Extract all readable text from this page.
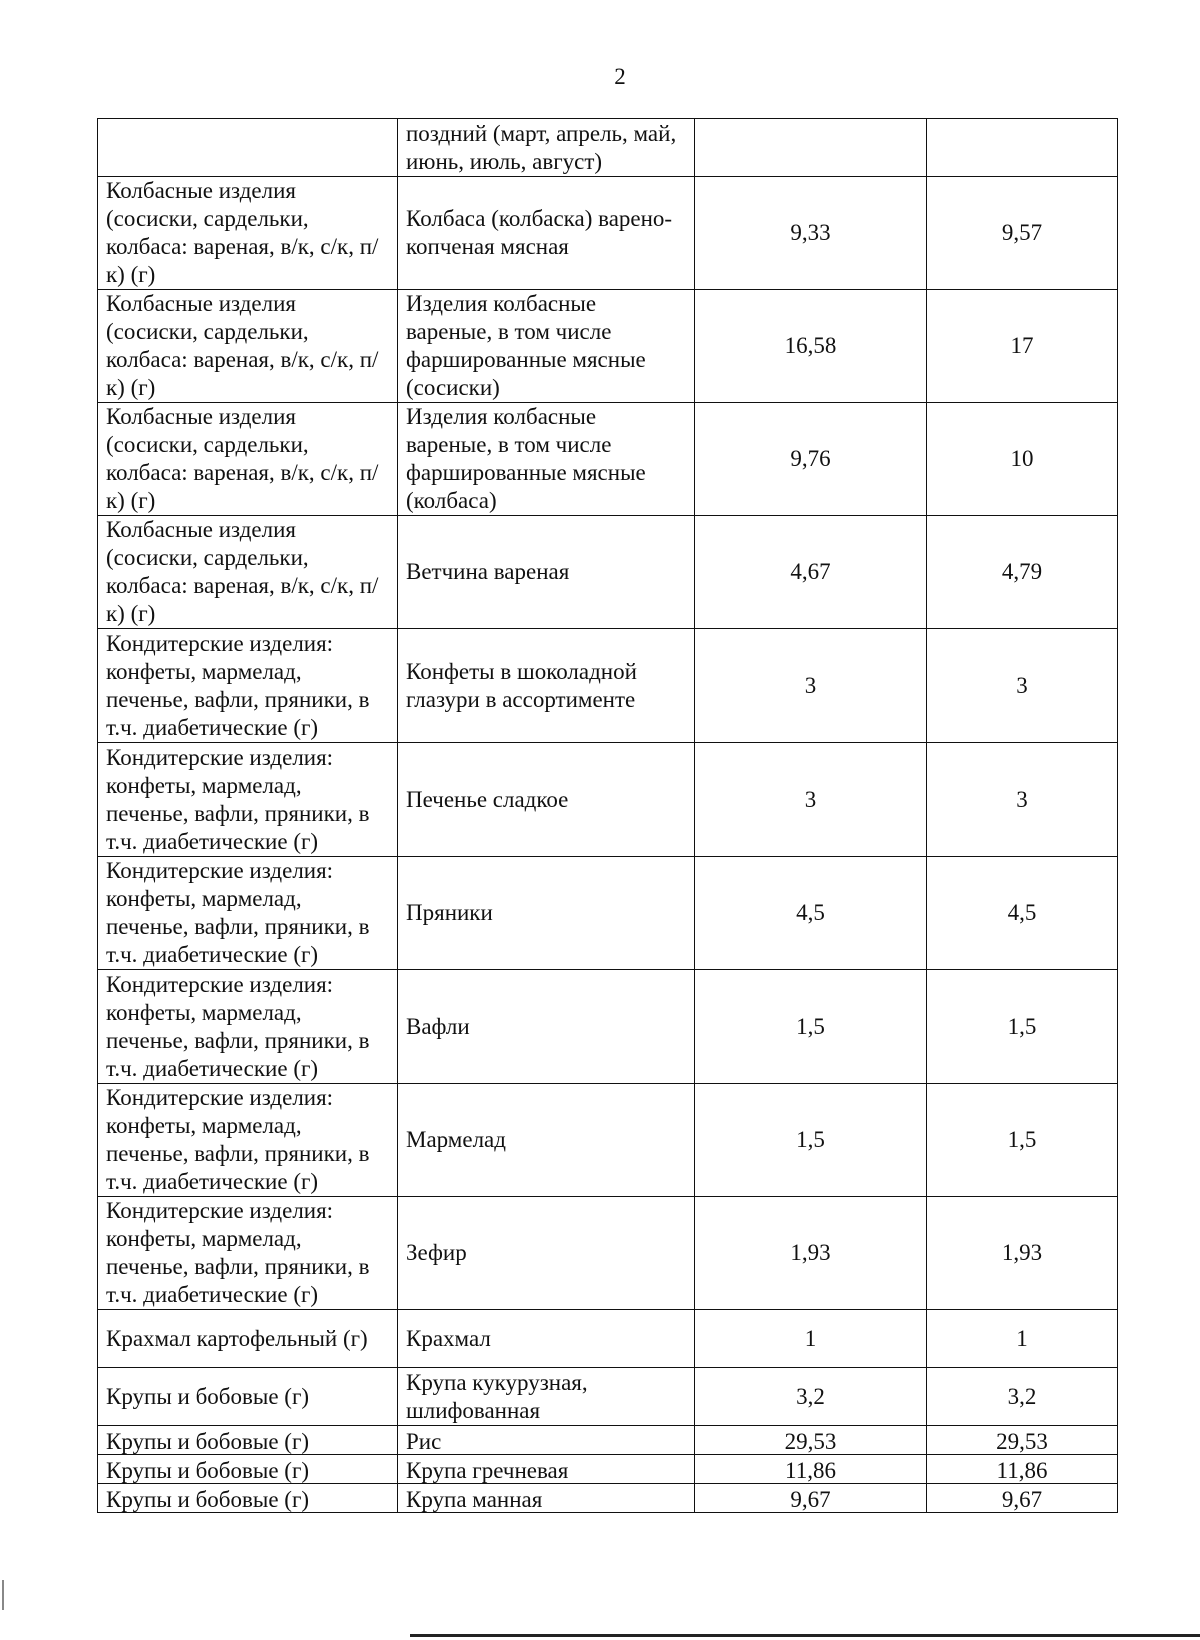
2
	поздний (март, апрель, май, июнь, июль, август)		
Колбасные изделия (сосиски, сардельки, колбаса: вареная, в/к, с/к, п/к) (г)	Колбаса (колбаска) варено-копченая мясная	9,33	9,57
Колбасные изделия (сосиски, сардельки, колбаса: вареная, в/к, с/к, п/к) (г)	Изделия колбасные вареные, в том числе фаршированные мясные (сосиски)	16,58	17
Колбасные изделия (сосиски, сардельки, колбаса: вареная, в/к, с/к, п/к) (г)	Изделия колбасные вареные, в том числе фаршированные мясные (колбаса)	9,76	10
Колбасные изделия (сосиски, сардельки, колбаса: вареная, в/к, с/к, п/к) (г)	Ветчина вареная	4,67	4,79
Кондитерские изделия: конфеты, мармелад, печенье, вафли, пряники, в т.ч. диабетические (г)	Конфеты в шоколадной глазури в ассортименте	3	3
Кондитерские изделия: конфеты, мармелад, печенье, вафли, пряники, в т.ч. диабетические (г)	Печенье сладкое	3	3
Кондитерские изделия: конфеты, мармелад, печенье, вафли, пряники, в т.ч. диабетические (г)	Пряники	4,5	4,5
Кондитерские изделия: конфеты, мармелад, печенье, вафли, пряники, в т.ч. диабетические (г)	Вафли	1,5	1,5
Кондитерские изделия: конфеты, мармелад, печенье, вафли, пряники, в т.ч. диабетические (г)	Мармелад	1,5	1,5
Кондитерские изделия: конфеты, мармелад, печенье, вафли, пряники, в т.ч. диабетические (г)	Зефир	1,93	1,93
Крахмал картофельный (г)	Крахмал	1	1
Крупы и бобовые (г)	Крупа кукурузная, шлифованная	3,2	3,2
Крупы и бобовые (г)	Рис	29,53	29,53
Крупы и бобовые (г)	Крупа гречневая	11,86	11,86
Крупы и бобовые (г)	Крупа манная	9,67	9,67
